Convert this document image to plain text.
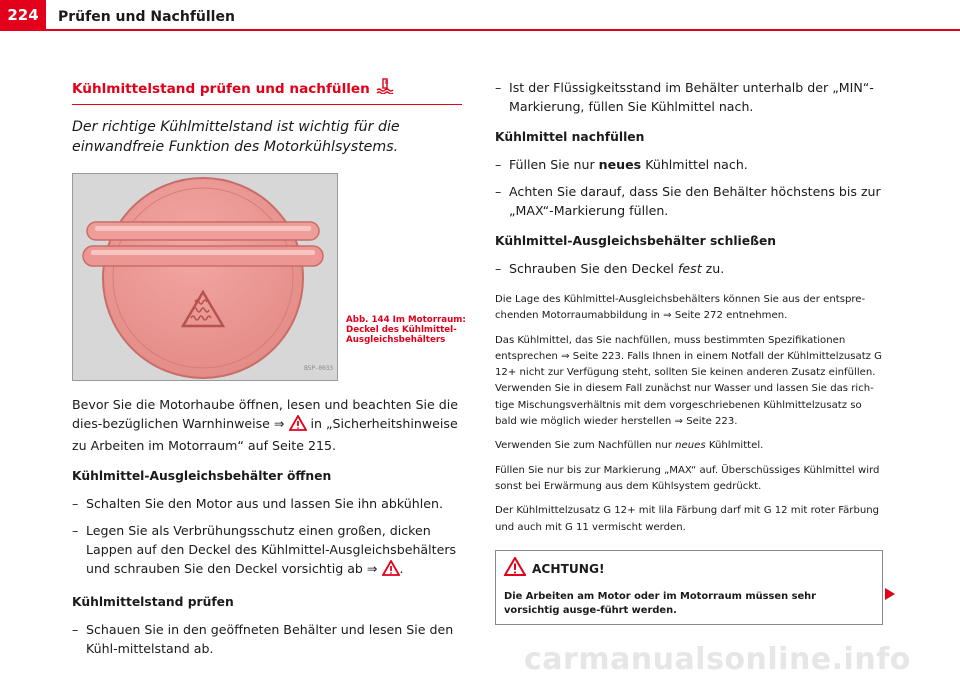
224	Prüfen und Nachfüllen
Kühlmittelstand prüfen und nachfüllen

Der richtige Kühlmittelstand ist wichtig für die einwandfreie Funktion des Motorkühlsystems.

B5P-0033
Abb. 144 Im Motorraum:
Deckel des Kühlmittel-
Ausgleichsbehälters

Bevor Sie die Motorhaube öffnen, lesen und beachten Sie die dies-bezüglichen Warnhinweise ⇒ in „Sicherheitshinweise zu Arbeiten im Motorraum“ auf Seite 215.

Kühlmittel-Ausgleichsbehälter öffnen
– Schalten Sie den Motor aus und lassen Sie ihn abkühlen.
– Legen Sie als Verbrühungsschutz einen großen, dicken Lappen auf den Deckel des Kühlmittel-Ausgleichsbehälters und schrauben Sie den Deckel vorsichtig ab ⇒ .
Kühlmittelstand prüfen
– Schauen Sie in den geöffneten Behälter und lesen Sie den Kühl-mittelstand ab.
– Ist der Flüssigkeitsstand im Behälter unterhalb der „MIN“-Markierung, füllen Sie Kühlmittel nach.
Kühlmittel nachfüllen
– Füllen Sie nur neues Kühlmittel nach.
– Achten Sie darauf, dass Sie den Behälter höchstens bis zur „MAX“-Markierung füllen.
Kühlmittel-Ausgleichsbehälter schließen
– Schrauben Sie den Deckel fest zu.

Die Lage des Kühlmittel-Ausgleichsbehälters können Sie aus der entspre-chenden Motorraumabbildung in ⇒ Seite 272 entnehmen.

Das Kühlmittel, das Sie nachfüllen, muss bestimmten Spezifikationen entsprechen ⇒ Seite 223. Falls Ihnen in einem Notfall der Kühlmittelzusatz G 12+ nicht zur Verfügung steht, sollten Sie keinen anderen Zusatz einfüllen. Verwenden Sie in diesem Fall zunächst nur Wasser und lassen Sie das rich-tige Mischungsverhältnis mit dem vorgeschriebenen Kühlmittelzusatz so bald wie möglich wieder herstellen ⇒ Seite 223.

Verwenden Sie zum Nachfüllen nur neues Kühlmittel.

Füllen Sie nur bis zur Markierung „MAX“ auf. Überschüssiges Kühlmittel wird sonst bei Erwärmung aus dem Kühlsystem gedrückt.

Der Kühlmittelzusatz G 12+ mit lila Färbung darf mit G 12 mit roter Färbung und auch mit G 11 vermischt werden.

ACHTUNG!
Die Arbeiten am Motor oder im Motorraum müssen sehr vorsichtig ausge-führt werden.
carmanualsonline.info
